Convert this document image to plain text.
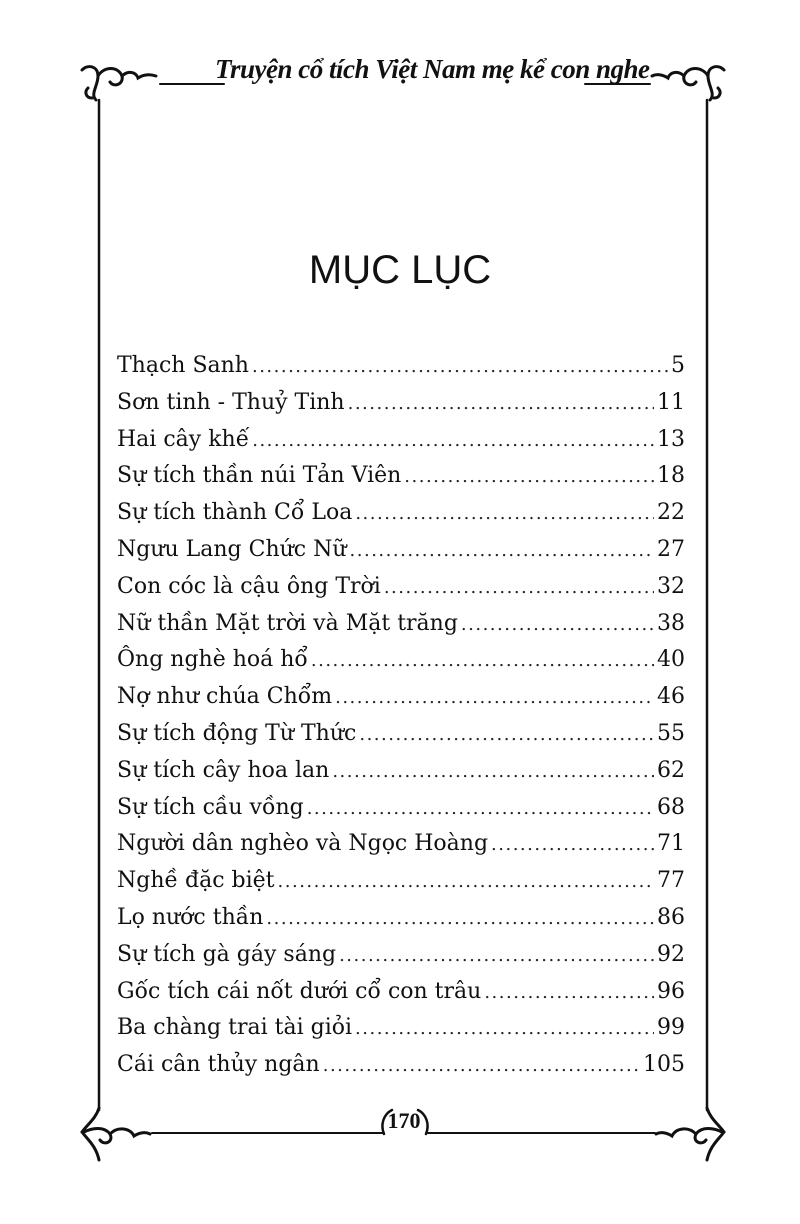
Truyện cổ tích Việt Nam mẹ kể con nghe
MỤC LỤC
Thạch Sanh .....	5
Sơn tinh - Thuỷ Tinh .....	11
Hai cây khế .....	13
Sự tích thần núi Tản Viên .....	18
Sự tích thành Cổ Loa .....	22
Ngưu Lang Chức Nữ .....	27
Con cóc là cậu ông Trời .....	32
Nữ thần Mặt trời và Mặt trăng .....	38
Ông nghè hoá hổ .....	40
Nợ như chúa Chổm .....	46
Sự tích động Từ Thức .....	55
Sự tích cây hoa lan .....	62
Sự tích cầu vồng .....	68
Người dân nghèo và Ngọc Hoàng .....	71
Nghề đặc biệt .....	77
Lọ nước thần .....	86
Sự tích gà gáy sáng .....	92
Gốc tích cái nốt dưới cổ con trâu .....	96
Ba chàng trai tài giỏi .....	99
Cái cân thủy ngân .....	105
170
